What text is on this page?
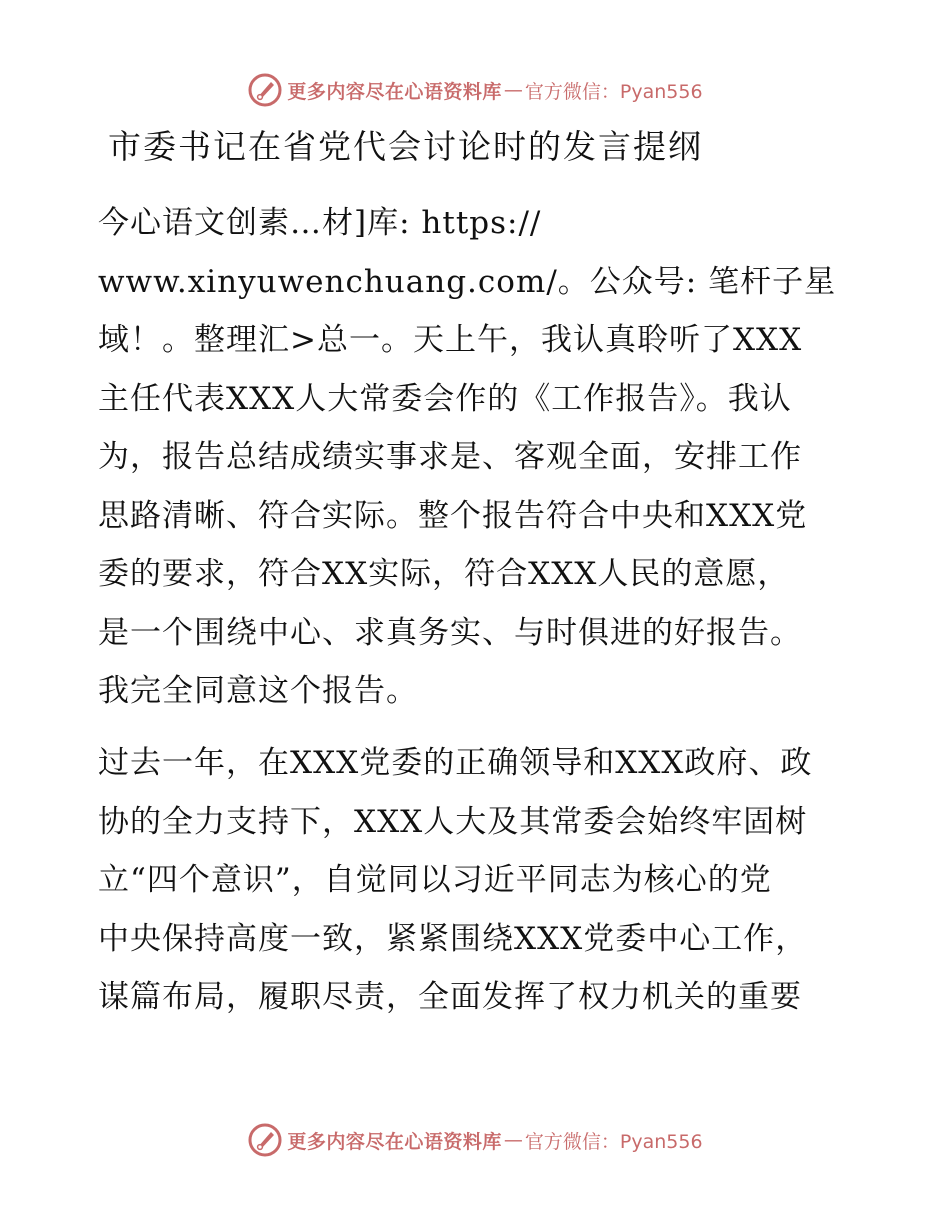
更多内容尽在心语资料库 — 官方微信：Pyan556
市委书记在省党代会讨论时的发言提纲
今心语文创素…材]库: https://
www.xinyuwenchuang.com/。公众号: 笔杆子星
域！。整理汇>总一。天上午，我认真聆听了XXX
主任代表XXX人大常委会作的《工作报告》。我认
为，报告总结成绩实事求是、客观全面，安排工作
思路清晰、符合实际。整个报告符合中央和XXX党
委的要求，符合XX实际，符合XXX人民的意愿，
是一个围绕中心、求真务实、与时俱进的好报告。
我完全同意这个报告。
过去一年，在XXX党委的正确领导和XXX政府、政
协的全力支持下，XXX人大及其常委会始终牢固树
立“四个意识”，自觉同以习近平同志为核心的党
中央保持高度一致，紧紧围绕XXX党委中心工作，
谋篇布局，履职尽责，全面发挥了权力机关的重要
更多内容尽在心语资料库 — 官方微信：Pyan556
